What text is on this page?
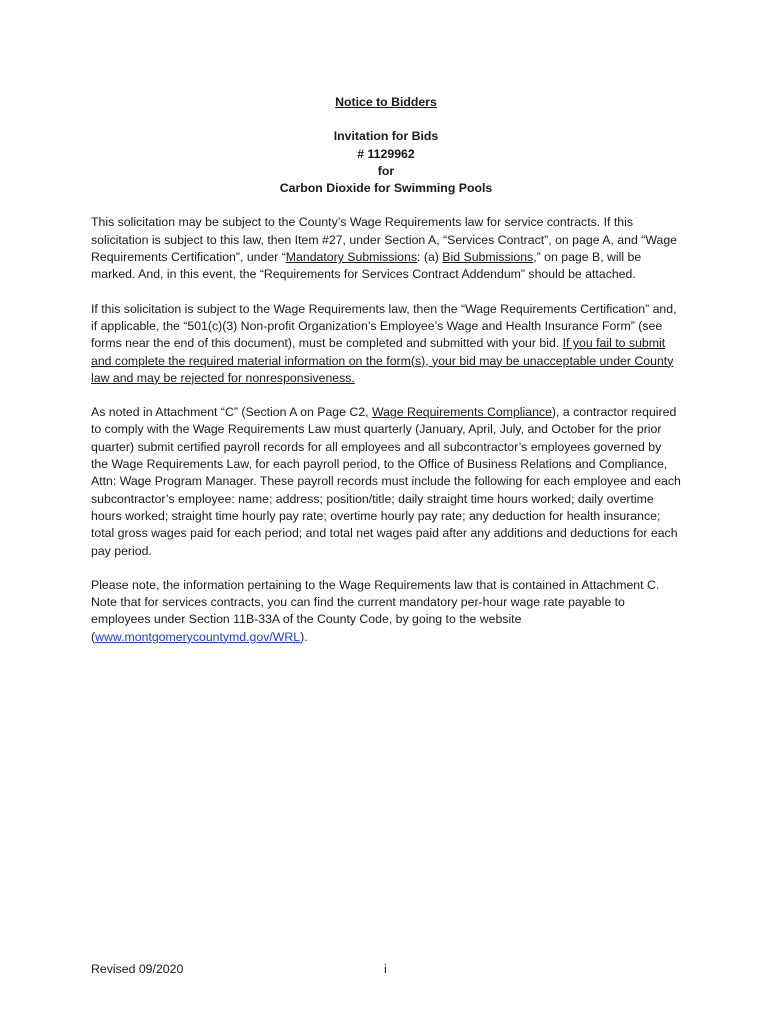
Notice to Bidders

Invitation for Bids

# 1129962

for

Carbon Dioxide for Swimming Pools

This solicitation may be subject to the County’s Wage Requirements law for service contracts. If this solicitation is subject to this law, then Item #27, under Section A, “Services Contract”, on page A, and “Wage Requirements Certification”, under “Mandatory Submissions: (a) Bid Submissions,” on page B, will be marked. And, in this event, the “Requirements for Services Contract Addendum” should be attached.

If this solicitation is subject to the Wage Requirements law, then the “Wage Requirements Certification” and, if applicable, the “501(c)(3) Non-profit Organization’s Employee’s Wage and Health Insurance Form” (see forms near the end of this document), must be completed and submitted with your bid. If you fail to submit and complete the required material information on the form(s), your bid may be unacceptable under County law and may be rejected for nonresponsiveness.

As noted in Attachment “C” (Section A on Page C2, Wage Requirements Compliance), a contractor required to comply with the Wage Requirements Law must quarterly (January, April, July, and October for the prior quarter) submit certified payroll records for all employees and all subcontractor’s employees governed by the Wage Requirements Law, for each payroll period, to the Office of Business Relations and Compliance, Attn: Wage Program Manager. These payroll records must include the following for each employee and each subcontractor’s employee: name; address; position/title; daily straight time hours worked; daily overtime hours worked; straight time hourly pay rate; overtime hourly pay rate; any deduction for health insurance; total gross wages paid for each period; and total net wages paid after any additions and deductions for each pay period.

Please note, the information pertaining to the Wage Requirements law that is contained in Attachment C. Note that for services contracts, you can find the current mandatory per-hour wage rate payable to employees under Section 11B-33A of the County Code, by going to the website (www.montgomerycountymd.gov/WRL).

Revised 09/2020	i
